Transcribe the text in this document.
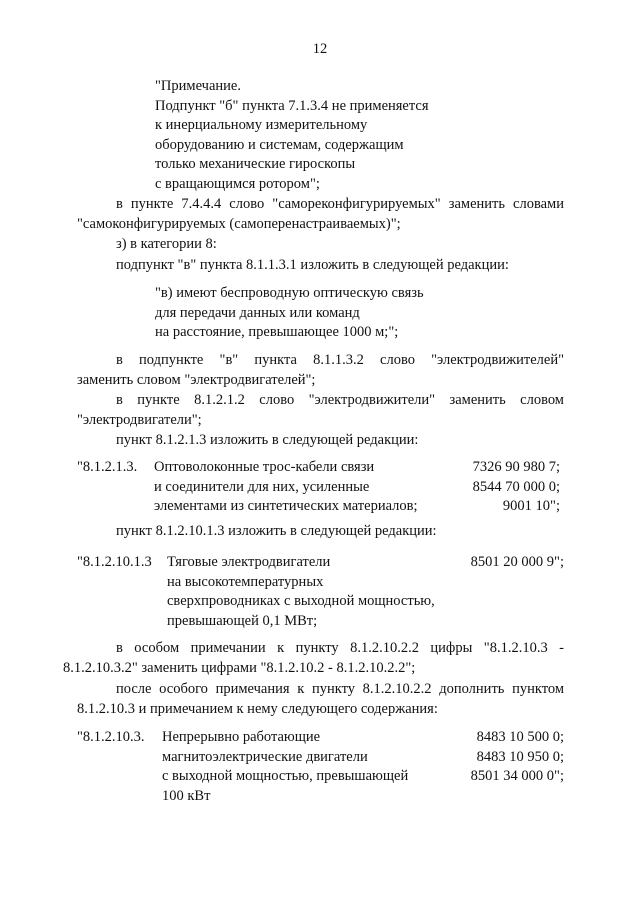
12
"Примечание.
Подпункт "б" пункта 7.1.3.4 не применяется
к инерциальному измерительному
оборудованию и системам, содержащим
только механические гироскопы
с вращающимся ротором";
в пункте 7.4.4.4 слово "самореконфигурируемых" заменить словами
"самоконфигурируемых (самоперенастраиваемых)";
з) в категории 8:
подпункт "в" пункта 8.1.1.3.1 изложить в следующей редакции:
"в) имеют беспроводную оптическую связь
для передачи данных или команд
на расстояние, превышающее 1000 м;";
в подпункте "в" пункта 8.1.1.3.2 слово "электродвижителей"
заменить словом "электродвигателей";
в пункте 8.1.2.1.2 слово "электродвижители" заменить словом
"электродвигатели";
пункт 8.1.2.1.3 изложить в следующей редакции:
"8.1.2.1.3. Оптоволоконные трос-кабели связи
и соединители для них, усиленные
элементами из синтетических материалов;
7326 90 980 7;
8544 70 000 0;
9001 10";
пункт 8.1.2.10.1.3 изложить в следующей редакции:
"8.1.2.10.1.3 Тяговые электродвигатели
на высокотемпературных
сверхпроводниках с выходной мощностью,
превышающей 0,1 МВт;
8501 20 000 9";
в особом примечании к пункту 8.1.2.10.2.2 цифры "8.1.2.10.3 -
8.1.2.10.3.2" заменить цифрами "8.1.2.10.2 - 8.1.2.10.2.2";
после особого примечания к пункту 8.1.2.10.2.2 дополнить пунктом
8.1.2.10.3 и примечанием к нему следующего содержания:
"8.1.2.10.3. Непрерывно работающие
магнитоэлектрические двигатели
с выходной мощностью, превышающей
100 кВт
8483 10 500 0;
8483 10 950 0;
8501 34 000 0";
